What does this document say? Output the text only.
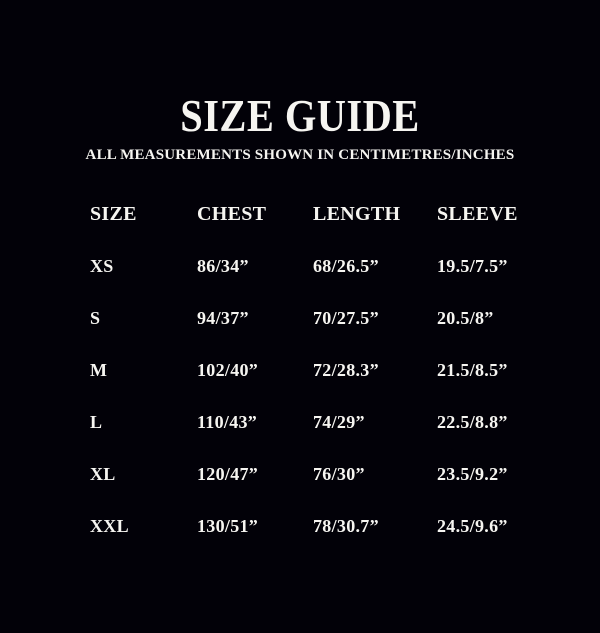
SIZE GUIDE
ALL MEASUREMENTS SHOWN IN CENTIMETRES/INCHES
SIZE	CHEST	LENGTH	SLEEVE
XS	86/34”	68/26.5”	19.5/7.5”
S	94/37”	70/27.5”	20.5/8”
M	102/40”	72/28.3”	21.5/8.5”
L	110/43”	74/29”	22.5/8.8”
XL	120/47”	76/30”	23.5/9.2”
XXL	130/51”	78/30.7”	24.5/9.6”
